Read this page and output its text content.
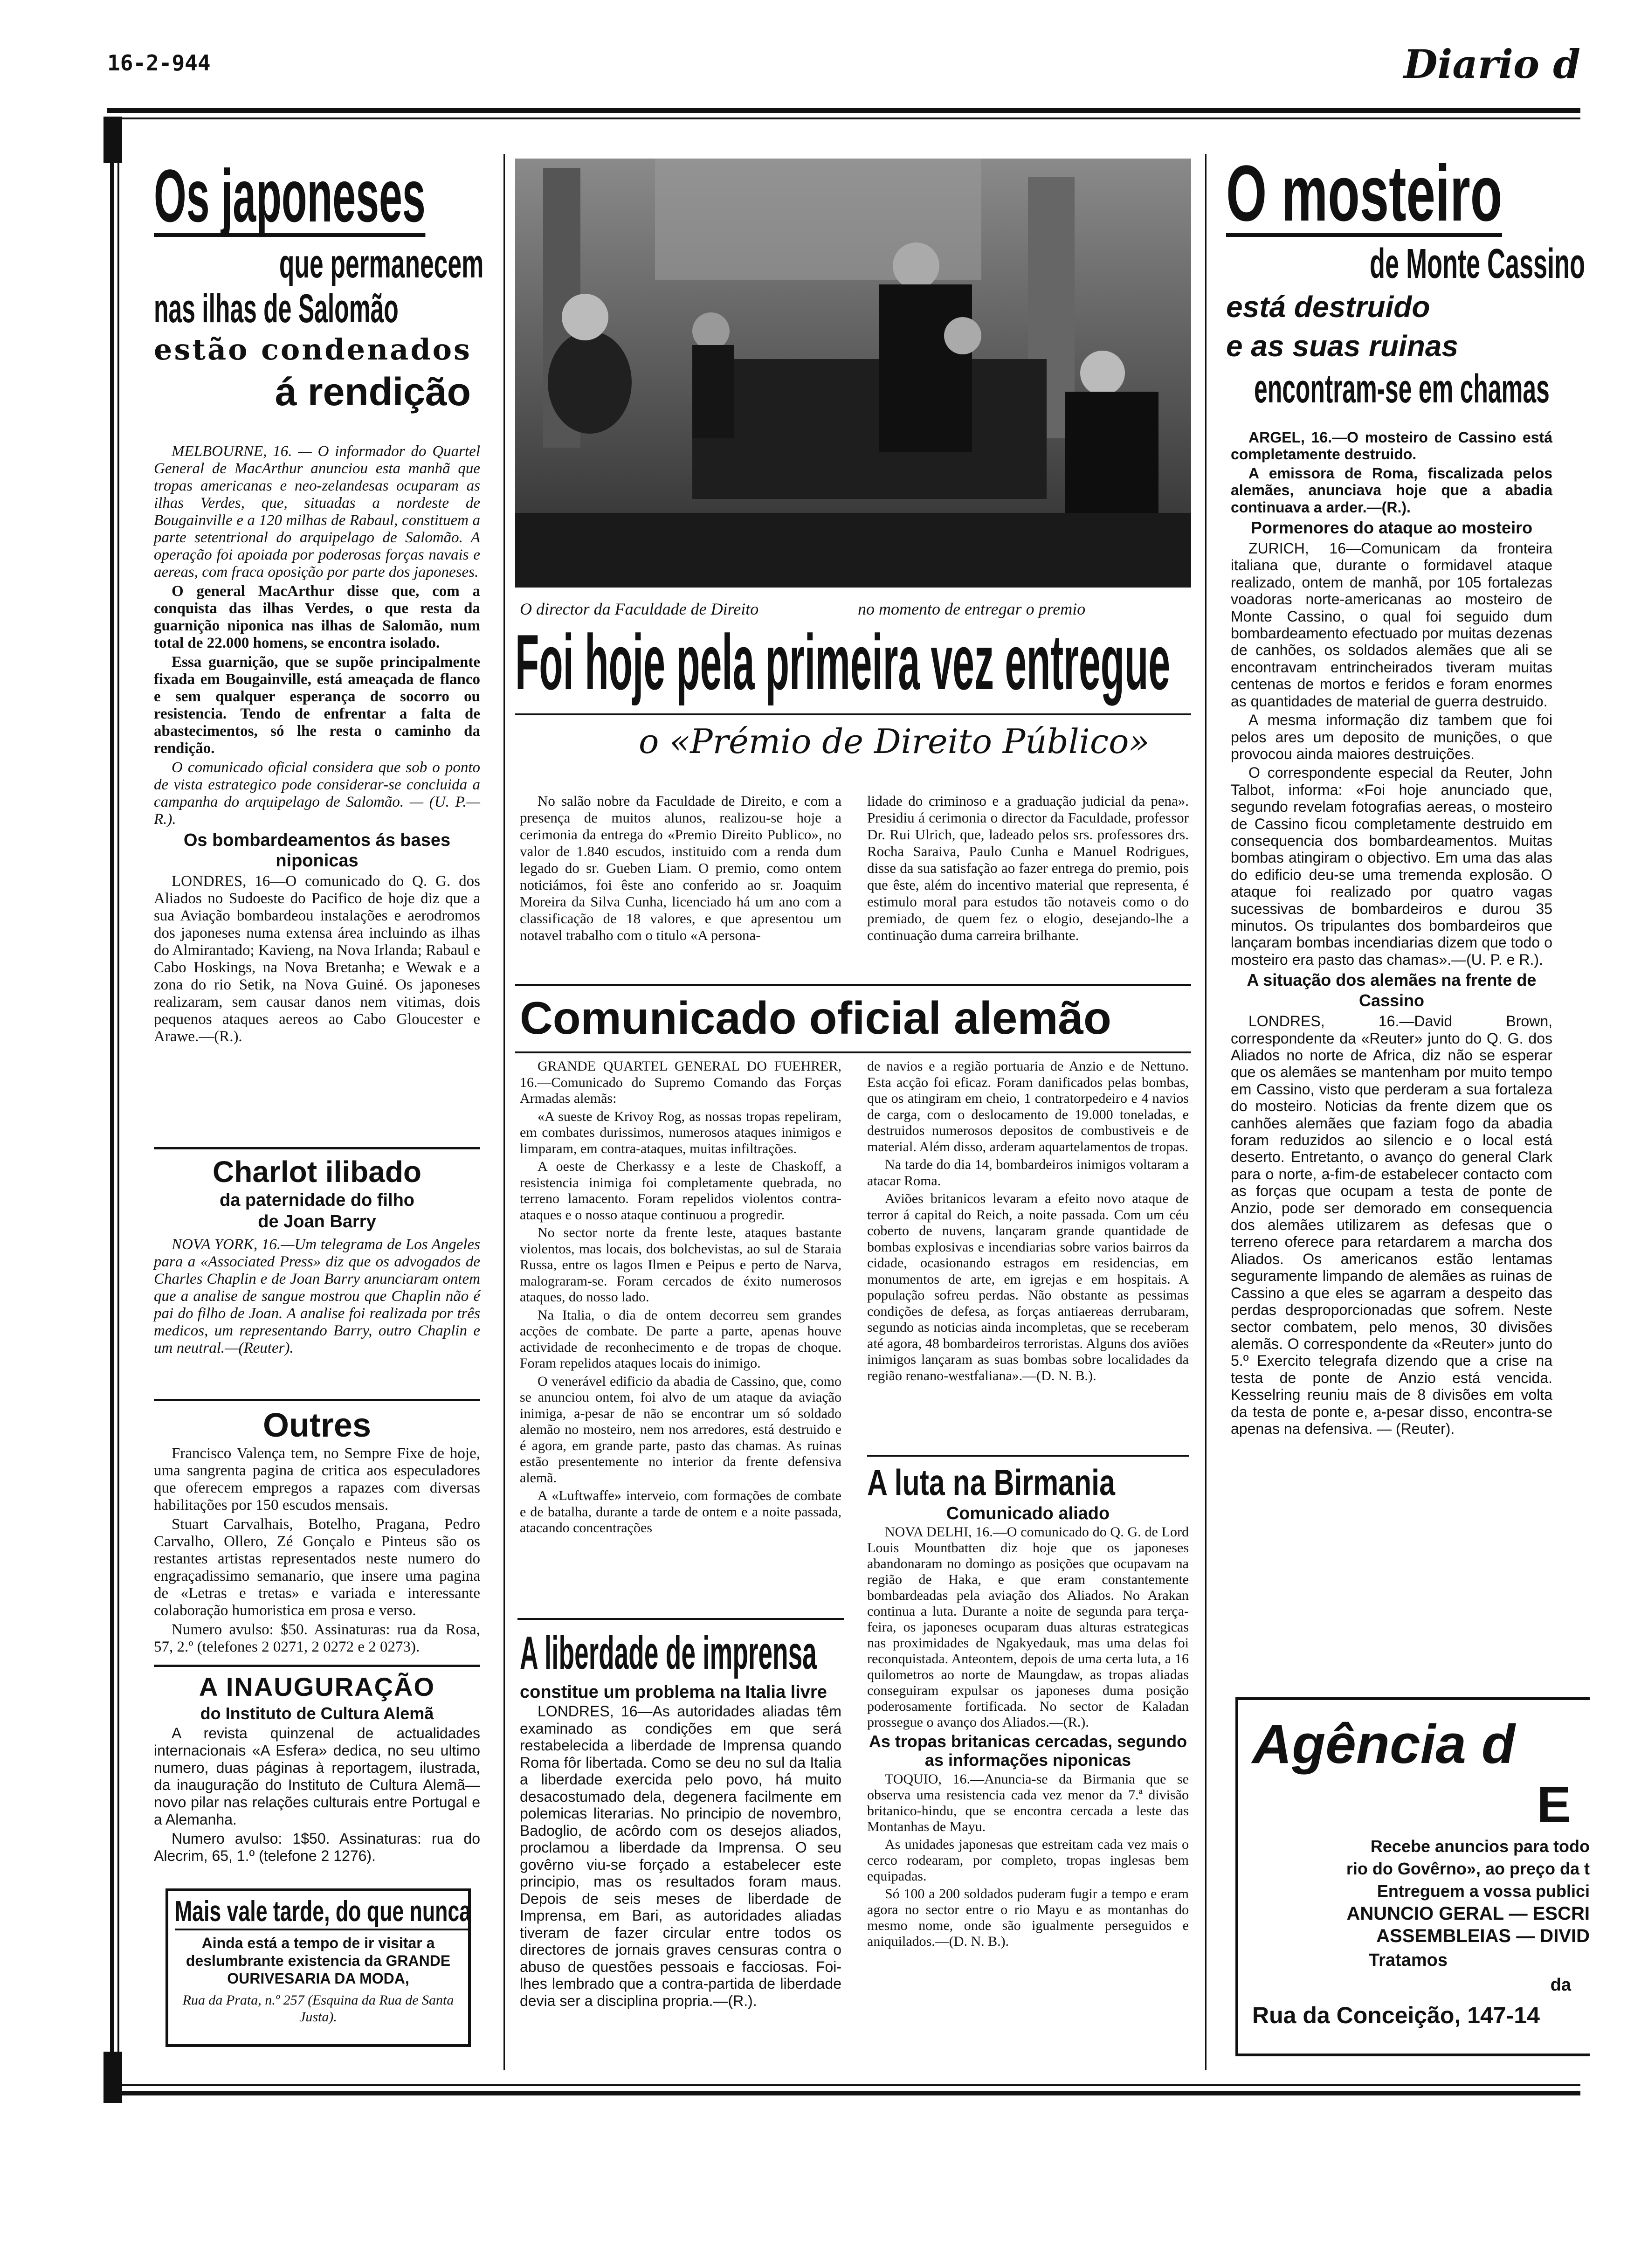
16-2-944	Diario d
Os japoneses
que permanecem
nas ilhas de Salomão
estão condenados
á rendição

MELBOURNE, 16. — O informador do Quartel General de MacArthur anunciou esta manhã que tropas americanas e neo-zelandesas ocuparam as ilhas Verdes, que, situadas a nordeste de Bougainville e a 120 milhas de Rabaul, constituem a parte setentrional do arquipelago de Salomão. A operação foi apoiada por poderosas forças navais e aereas, com fraca oposição por parte dos japoneses.

O general MacArthur disse que, com a conquista das ilhas Verdes, o que resta da guarnição niponica nas ilhas de Salomão, num total de 22.000 homens, se encontra isolado.

Essa guarnição, que se supõe principalmente fixada em Bougainville, está ameaçada de flanco e sem qualquer esperança de socorro ou resistencia. Tendo de enfrentar a falta de abastecimentos, só lhe resta o caminho da rendição.

O comunicado oficial considera que sob o ponto de vista estrategico pode considerar-se concluida a campanha do arquipelago de Salomão. — (U. P.—R.).

Os bombardeamentos ás bases niponicas

LONDRES, 16—O comunicado do Q. G. dos Aliados no Sudoeste do Pacifico de hoje diz que a sua Aviação bombardeou instalações e aerodromos dos japoneses numa extensa área incluindo as ilhas do Almirantado; Kavieng, na Nova Irlanda; Rabaul e Cabo Hoskings, na Nova Bretanha; e Wewak e a zona do rio Setik, na Nova Guiné. Os japoneses realizaram, sem causar danos nem vitimas, dois pequenos ataques aereos ao Cabo Gloucester e Arawe.—(R.).

Charlot ilibado
da paternidade do filho
de Joan Barry

NOVA YORK, 16.—Um telegrama de Los Angeles para a «Associated Press» diz que os advogados de Charles Chaplin e de Joan Barry anunciaram ontem que a analise de sangue mostrou que Chaplin não é pai do filho de Joan. A analise foi realizada por três medicos, um representando Barry, outro Chaplin e um neutral.—(Reuter).

Outres

Francisco Valença tem, no Sempre Fixe de hoje, uma sangrenta pagina de critica aos especuladores que oferecem empregos a rapazes com diversas habilitações por 150 escudos mensais.

Stuart Carvalhais, Botelho, Pragana, Pedro Carvalho, Ollero, Zé Gonçalo e Pinteus são os restantes artistas representados neste numero do engraçadissimo semanario, que insere uma pagina de «Letras e tretas» e variada e interessante colaboração humoristica em prosa e verso.

Numero avulso: $50. Assinaturas: rua da Rosa, 57, 2.º (telefones 2 0271, 2 0272 e 2 0273).

A INAUGURAÇÃO
do Instituto de Cultura Alemã

A revista quinzenal de actualidades internacionais «A Esfera» dedica, no seu ultimo numero, duas páginas à reportagem, ilustrada, da inauguração do Instituto de Cultura Alemã—novo pilar nas relações culturais entre Portugal e a Alemanha.

Numero avulso: 1$50. Assinaturas: rua do Alecrim, 65, 1.º (telefone 2 1276).

Mais vale tarde, do que nunca
Ainda está a tempo de ir visitar a deslumbrante existencia da GRANDE OURIVESARIA DA MODA,
Rua da Prata, n.º 257 (Esquina da Rua de Santa Justa).
O director da Faculdade de Direito	no momento de entregar o premio
Foi hoje pela primeira vez entregue
o «Prémio de Direito Público»

No salão nobre da Faculdade de Direito, e com a presença de muitos alunos, realizou-se hoje a cerimonia da entrega do «Premio Direito Publico», no valor de 1.840 escudos, instituido com a renda dum legado do sr. Gueben Liam. O premio, como ontem noticiámos, foi êste ano conferido ao sr. Joaquim Moreira da Silva Cunha, licenciado há um ano com a classificação de 18 valores, e que apresentou um notavel trabalho com o titulo «A persona-

lidade do criminoso e a graduação judicial da pena». Presidiu á cerimonia o director da Faculdade, professor Dr. Rui Ulrich, que, ladeado pelos srs. professores drs. Rocha Saraiva, Paulo Cunha e Manuel Rodrigues, disse da sua satisfação ao fazer entrega do premio, pois que êste, além do incentivo material que representa, é estimulo moral para estudos tão notaveis como o do premiado, de quem fez o elogio, desejando-lhe a continuação duma carreira brilhante.

Comunicado oficial alemão

GRANDE QUARTEL GENERAL DO FUEHRER, 16.—Comunicado do Supremo Comando das Forças Armadas alemãs:

«A sueste de Krivoy Rog, as nossas tropas repeliram, em combates durissimos, numerosos ataques inimigos e limparam, em contra-ataques, muitas infiltrações.

A oeste de Cherkassy e a leste de Chaskoff, a resistencia inimiga foi completamente quebrada, no terreno lamacento. Foram repelidos violentos contra-ataques e o nosso ataque continuou a progredir.

No sector norte da frente leste, ataques bastante violentos, mas locais, dos bolchevistas, ao sul de Staraia Russa, entre os lagos Ilmen e Peipus e perto de Narva, malograram-se. Foram cercados de éxito numerosos ataques, do nosso lado.

Na Italia, o dia de ontem decorreu sem grandes acções de combate. De parte a parte, apenas houve actividade de reconhecimento e de tropas de choque. Foram repelidos ataques locais do inimigo.

O venerável edificio da abadia de Cassino, que, como se anunciou ontem, foi alvo de um ataque da aviação inimiga, a-pesar de não se encontrar um só soldado alemão no mosteiro, nem nos arredores, está destruido e é agora, em grande parte, pasto das chamas. As ruinas estão presentemente no interior da frente defensiva alemã.

A «Luftwaffe» interveio, com formações de combate e de batalha, durante a tarde de ontem e a noite passada, atacando concentrações

de navios e a região portuaria de Anzio e de Nettuno. Esta acção foi eficaz. Foram danificados pelas bombas, que os atingiram em cheio, 1 contratorpedeiro e 4 navios de carga, com o deslocamento de 19.000 toneladas, e destruidos numerosos depositos de combustiveis e de material. Além disso, arderam aquartelamentos de tropas.

Na tarde do dia 14, bombardeiros inimigos voltaram a atacar Roma.

Aviões britanicos levaram a efeito novo ataque de terror á capital do Reich, a noite passada. Com um céu coberto de nuvens, lançaram grande quantidade de bombas explosivas e incendiarias sobre varios bairros da cidade, ocasionando estragos em residencias, em monumentos de arte, em igrejas e em hospitais. A população sofreu perdas. Não obstante as pessimas condições de defesa, as forças antiaereas derrubaram, segundo as noticias ainda incompletas, que se receberam até agora, 48 bombardeiros terroristas. Alguns dos aviões inimigos lançaram as suas bombas sobre localidades da região renano-westfaliana».—(D. N. B.).

A liberdade de imprensa
constitue um problema na Italia livre

LONDRES, 16—As autoridades aliadas têm examinado as condições em que será restabelecida a liberdade de Imprensa quando Roma fôr libertada. Como se deu no sul da Italia a liberdade exercida pelo povo, há muito desacostumado dela, degenera facilmente em polemicas literarias. No principio de novembro, Badoglio, de acôrdo com os desejos aliados, proclamou a liberdade da Imprensa. O seu govêrno viu-se forçado a estabelecer este principio, mas os resultados foram maus. Depois de seis meses de liberdade de Imprensa, em Bari, as autoridades aliadas tiveram de fazer circular entre todos os directores de jornais graves censuras contra o abuso de questões pessoais e facciosas. Foi-lhes lembrado que a contra-partida de liberdade devia ser a disciplina propria.—(R.).

A luta na Birmania
Comunicado aliado

NOVA DELHI, 16.—O comunicado do Q. G. de Lord Louis Mountbatten diz hoje que os japoneses abandonaram no domingo as posições que ocupavam na região de Haka, e que eram constantemente bombardeadas pela aviação dos Aliados. No Arakan continua a luta. Durante a noite de segunda para terça-feira, os japoneses ocuparam duas alturas estrategicas nas proximidades de Ngakyedauk, mas uma delas foi reconquistada. Anteontem, depois de uma certa luta, a 16 quilometros ao norte de Maungdaw, as tropas aliadas conseguiram expulsar os japoneses duma posição poderosamente fortificada. No sector de Kaladan prossegue o avanço dos Aliados.—(R.).

As tropas britanicas cercadas, segundo as informações niponicas

TOQUIO, 16.—Anuncia-se da Birmania que se observa uma resistencia cada vez menor da 7.ª divisão britanico-hindu, que se encontra cercada a leste das Montanhas de Mayu.

As unidades japonesas que estreitam cada vez mais o cerco rodearam, por completo, tropas inglesas bem equipadas.

Só 100 a 200 soldados puderam fugir a tempo e eram agora no sector entre o rio Mayu e as montanhas do mesmo nome, onde são igualmente perseguidos e aniquilados.—(D. N. B.).

O mosteiro
de Monte Cassino
está destruido
e as suas ruinas
encontram-se em chamas

ARGEL, 16.—O mosteiro de Cassino está completamente destruido.

A emissora de Roma, fiscalizada pelos alemães, anunciava hoje que a abadia continuava a arder.—(R.).

Pormenores do ataque ao mosteiro

ZURICH, 16—Comunicam da fronteira italiana que, durante o formidavel ataque realizado, ontem de manhã, por 105 fortalezas voadoras norte-americanas ao mosteiro de Monte Cassino, o qual foi seguido dum bombardeamento efectuado por muitas dezenas de canhões, os soldados alemães que ali se encontravam entrincheirados tiveram muitas centenas de mortos e feridos e foram enormes as quantidades de material de guerra destruido.

A mesma informação diz tambem que foi pelos ares um deposito de munições, o que provocou ainda maiores destruições.

O correspondente especial da Reuter, John Talbot, informa: «Foi hoje anunciado que, segundo revelam fotografias aereas, o mosteiro de Cassino ficou completamente destruido em consequencia dos bombardeamentos. Muitas bombas atingiram o objectivo. Em uma das alas do edificio deu-se uma tremenda explosão. O ataque foi realizado por quatro vagas sucessivas de bombardeiros e durou 35 minutos. Os tripulantes dos bombardeiros que lançaram bombas incendiarias dizem que todo o mosteiro era pasto das chamas».—(U. P. e R.).

A situação dos alemães na frente de Cassino

LONDRES, 16.—David Brown, correspondente da «Reuter» junto do Q. G. dos Aliados no norte de Africa, diz não se esperar que os alemães se mantenham por muito tempo em Cassino, visto que perderam a sua fortaleza do mosteiro. Noticias da frente dizem que os canhões alemães que faziam fogo da abadia foram reduzidos ao silencio e o local está deserto. Entretanto, o avanço do general Clark para o norte, a-fim-de estabelecer contacto com as forças que ocupam a testa de ponte de Anzio, pode ser demorado em consequencia dos alemães utilizarem as defesas que o terreno oferece para retardarem a marcha dos Aliados. Os americanos estão lentamas seguramente limpando de alemães as ruinas de Cassino a que eles se agarram a despeito das perdas desproporcionadas que sofrem. Neste sector combatem, pelo menos, 30 divisões alemãs. O correspondente da «Reuter» junto do 5.º Exercito telegrafa dizendo que a crise na testa de ponte de Anzio está vencida. Kesselring reuniu mais de 8 divisões em volta da testa de ponte e, a-pesar disso, encontra-se apenas na defensiva. — (Reuter).

Agência d
E
Recebe anuncios para todo
rio do Govêrno», ao preço da t
Entreguem a vossa publici
ANUNCIO GERAL — ESCRI
ASSEMBLEIAS — DIVID
Tratamos
da
Rua da Conceição, 147-14
